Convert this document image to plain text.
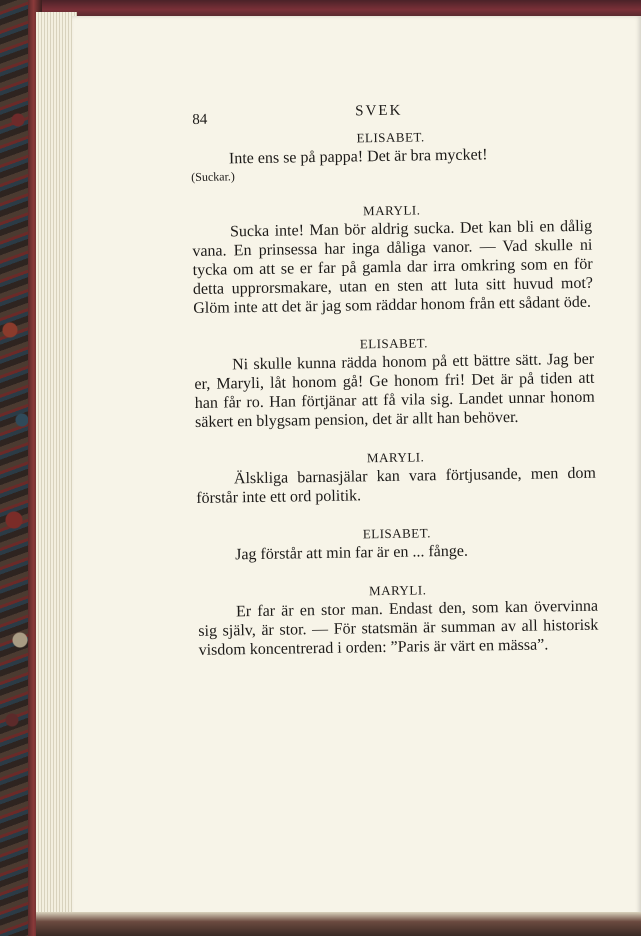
84
SVEK

ELISABET.

Inte ens se på pappa! Det är bra mycket!

(Suckar.)

MARYLI.

Sucka inte! Man bör aldrig sucka. Det kan bli en dålig vana. En prinsessa har inga dåliga vanor. — Vad skulle ni tycka om att se er far på gamla dar irra omkring som en för detta upprorsmakare, utan en sten att luta sitt huvud mot? Glöm inte att det är jag som räddar honom från ett sådant öde.

ELISABET.

Ni skulle kunna rädda honom på ett bättre sätt. Jag ber er, Maryli, låt honom gå! Ge honom fri! Det är på tiden att han får ro. Han förtjänar att få vila sig. Landet unnar honom säkert en blygsam pension, det är allt han behöver.

MARYLI.

Älskliga barnasjälar kan vara förtjusande, men dom förstår inte ett ord politik.

ELISABET.

Jag förstår att min far är en ... fånge.

MARYLI.

Er far är en stor man. Endast den, som kan övervinna sig själv, är stor. — För statsmän är summan av all historisk visdom koncentrerad i orden: ”Paris är värt en mässa”.
